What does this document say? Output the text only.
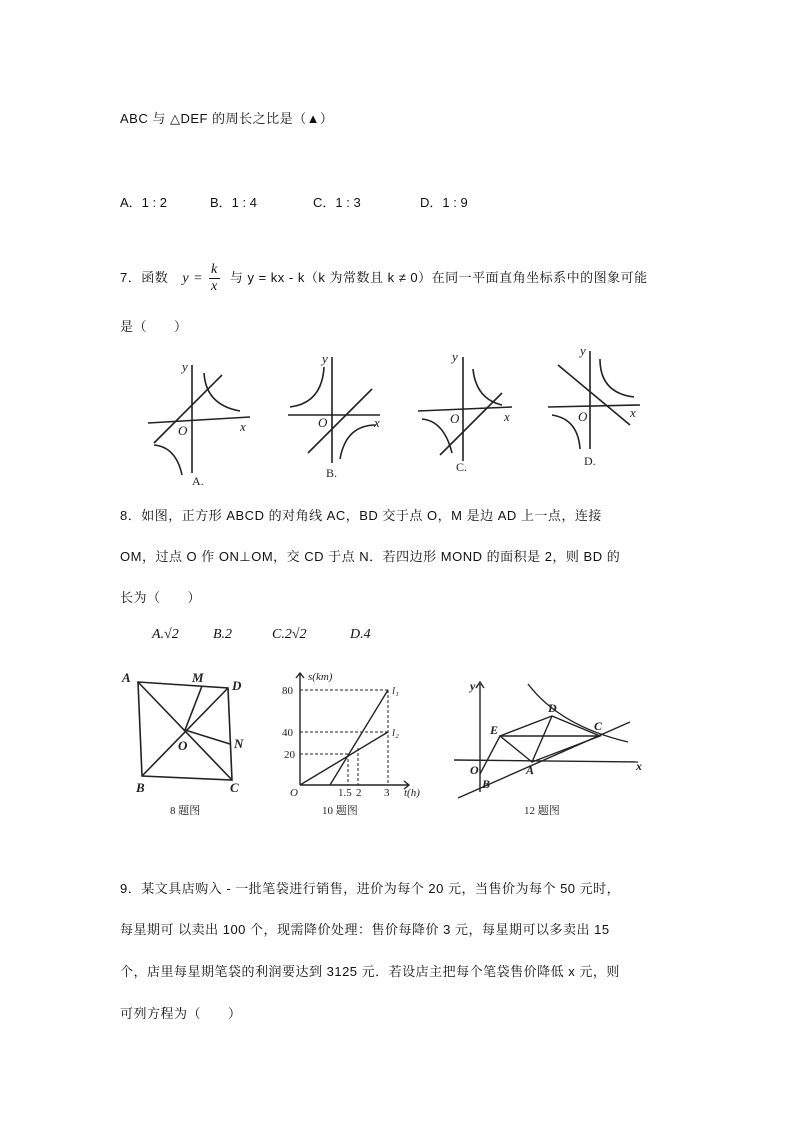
ABC 与 △DEF 的周长之比是（▲）
A．1 : 2	B．1 : 4	C．1 : 3	D．1 : 9
7．函数 $y = \frac{k}{x}$ 与 y = kx - k（k 为常数且 k ≠ 0）在同一平面直角坐标系中的图象可能
是（　　）
y
x
O
y
x
O
y
x
O
y
x
O
A.
B.	C.	D.
8．如图，正方形 ABCD 的对角线 AC，BD 交于点 O，M 是边 AD 上一点，连接
OM，过点 O 作 ON⊥OM，交 CD 于点 N．若四边形 MOND 的面积是 2，则 BD 的
长为（　　）
A.√2 B.2	C.2√2	D.4
A	M
D
O	N
B	C
8 题图
s(km)
t(h)
80
40
20
O	1.5 2 3
l₁
l₂
10 题图
y
E
D
C
O	A
B
x
12 题图
9．某文具店购入 - 一批笔袋进行销售，进价为每个 20 元，当售价为每个 50 元时，
每星期可 以卖出 100 个，现需降价处理：售价每降价 3 元，每星期可以多卖出 15
个，店里每星期笔袋的利润要达到 3125 元．若设店主把每个笔袋售价降低 x 元，则
可列方程为（　　）
